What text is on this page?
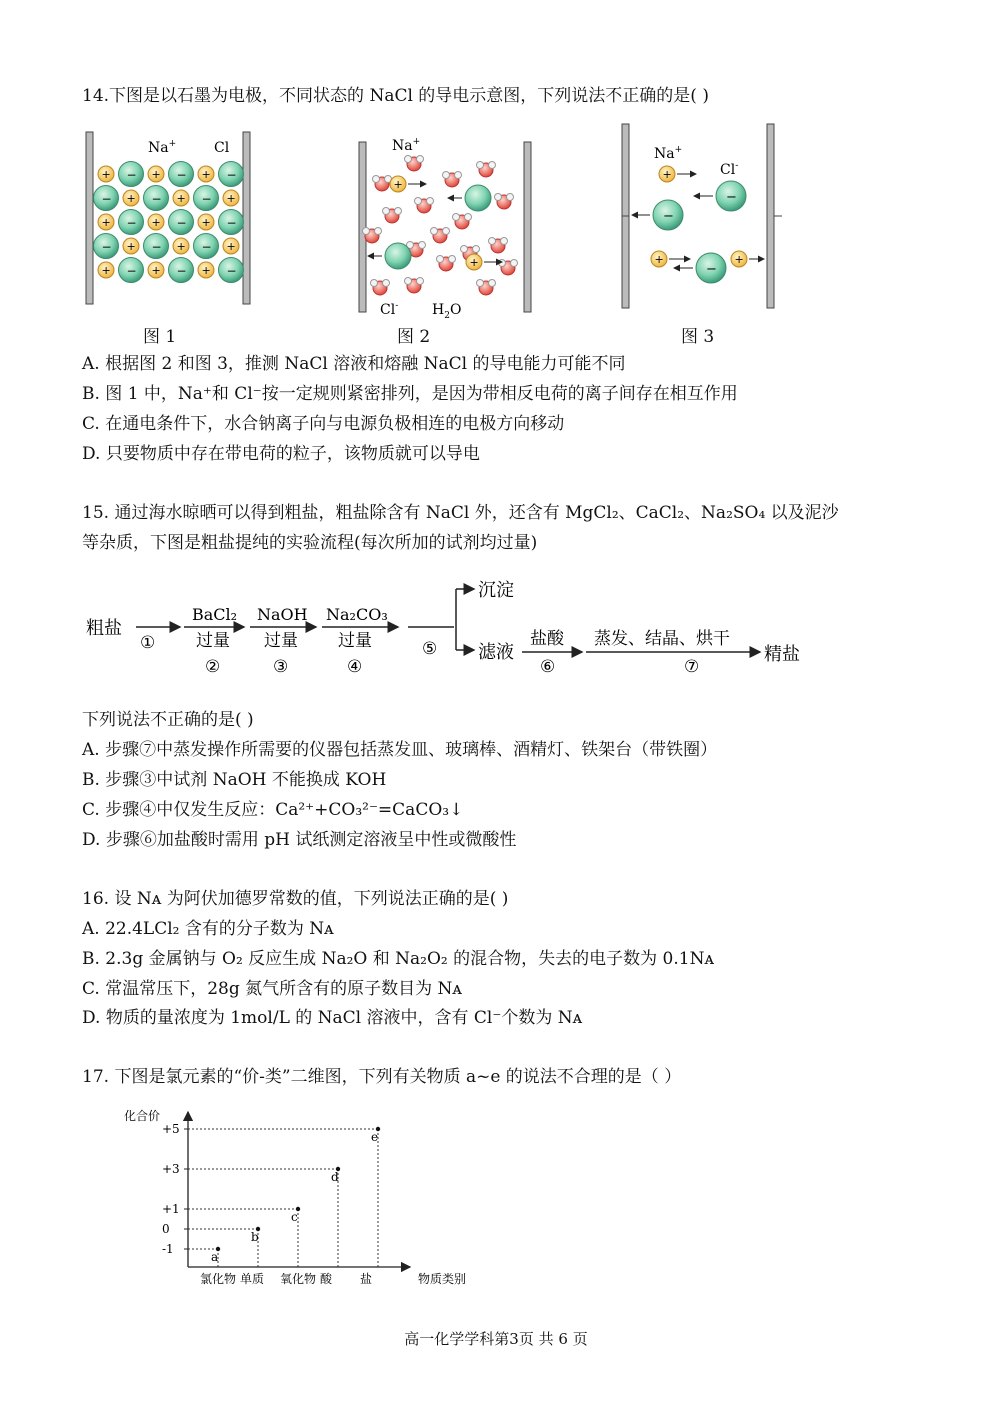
14.下图是以石墨为电极，不同状态的 NaCl 的导电示意图，下列说法不正确的是( )
+ − + − + −
− + − + − +
+ − + − + −
− + − + − +
+ − + − + −
Na+	Cl
+
+
Na+
Cl- $H_2O$
Na+
Cl-
+
−
−
+
−
+
图 1	图 2	图 3
A. 根据图 2 和图 3，推测 NaCl 溶液和熔融 NaCl 的导电能力可能不同
B. 图 1 中，Na⁺和 Cl⁻按一定规则紧密排列，是因为带相反电荷的离子间存在相互作用
C. 在通电条件下，水合钠离子向与电源负极相连的电极方向移动
D. 只要物质中存在带电荷的粒子，该物质就可以导电
15. 通过海水晾晒可以得到粗盐，粗盐除含有 NaCl 外，还含有 MgCl₂、CaCl₂、Na₂SO₄ 以及泥沙
等杂质，下图是粗盐提纯的实验流程(每次所加的试剂均过量)
粗盐
①
BaCl₂
过量
②
NaOH
过量
③
Na₂CO₃
过量
④
⑤
沉淀
滤液
盐酸
⑥
蒸发、结晶、烘干
⑦
精盐
下列说法不正确的是( )
A. 步骤⑦中蒸发操作所需要的仪器包括蒸发皿、玻璃棒、酒精灯、铁架台（带铁圈）
B. 步骤③中试剂 NaOH 不能换成 KOH
C. 步骤④中仅发生反应：Ca²⁺+CO₃²⁻=CaCO₃↓
D. 步骤⑥加盐酸时需用 pH 试纸测定溶液呈中性或微酸性
16. 设 Nᴀ 为阿伏加德罗常数的值，下列说法正确的是( )
A. 22.4LCl₂ 含有的分子数为 Nᴀ
B. 2.3g 金属钠与 O₂ 反应生成 Na₂O 和 Na₂O₂ 的混合物，失去的电子数为 0.1Nᴀ
C. 常温常压下，28g 氮气所含有的原子数目为 Nᴀ
D. 物质的量浓度为 1mol/L 的 NaCl 溶液中，含有 Cl⁻个数为 Nᴀ
17. 下图是氯元素的“价-类”二维图，下列有关物质 a~e 的说法不合理的是（ ）
化合价
物质类别
+5
+3
+1
0
-1
氯化物 单质 氧化物 酸 盐
a
b
c
d
e
高一化学学科第3页 共 6 页
